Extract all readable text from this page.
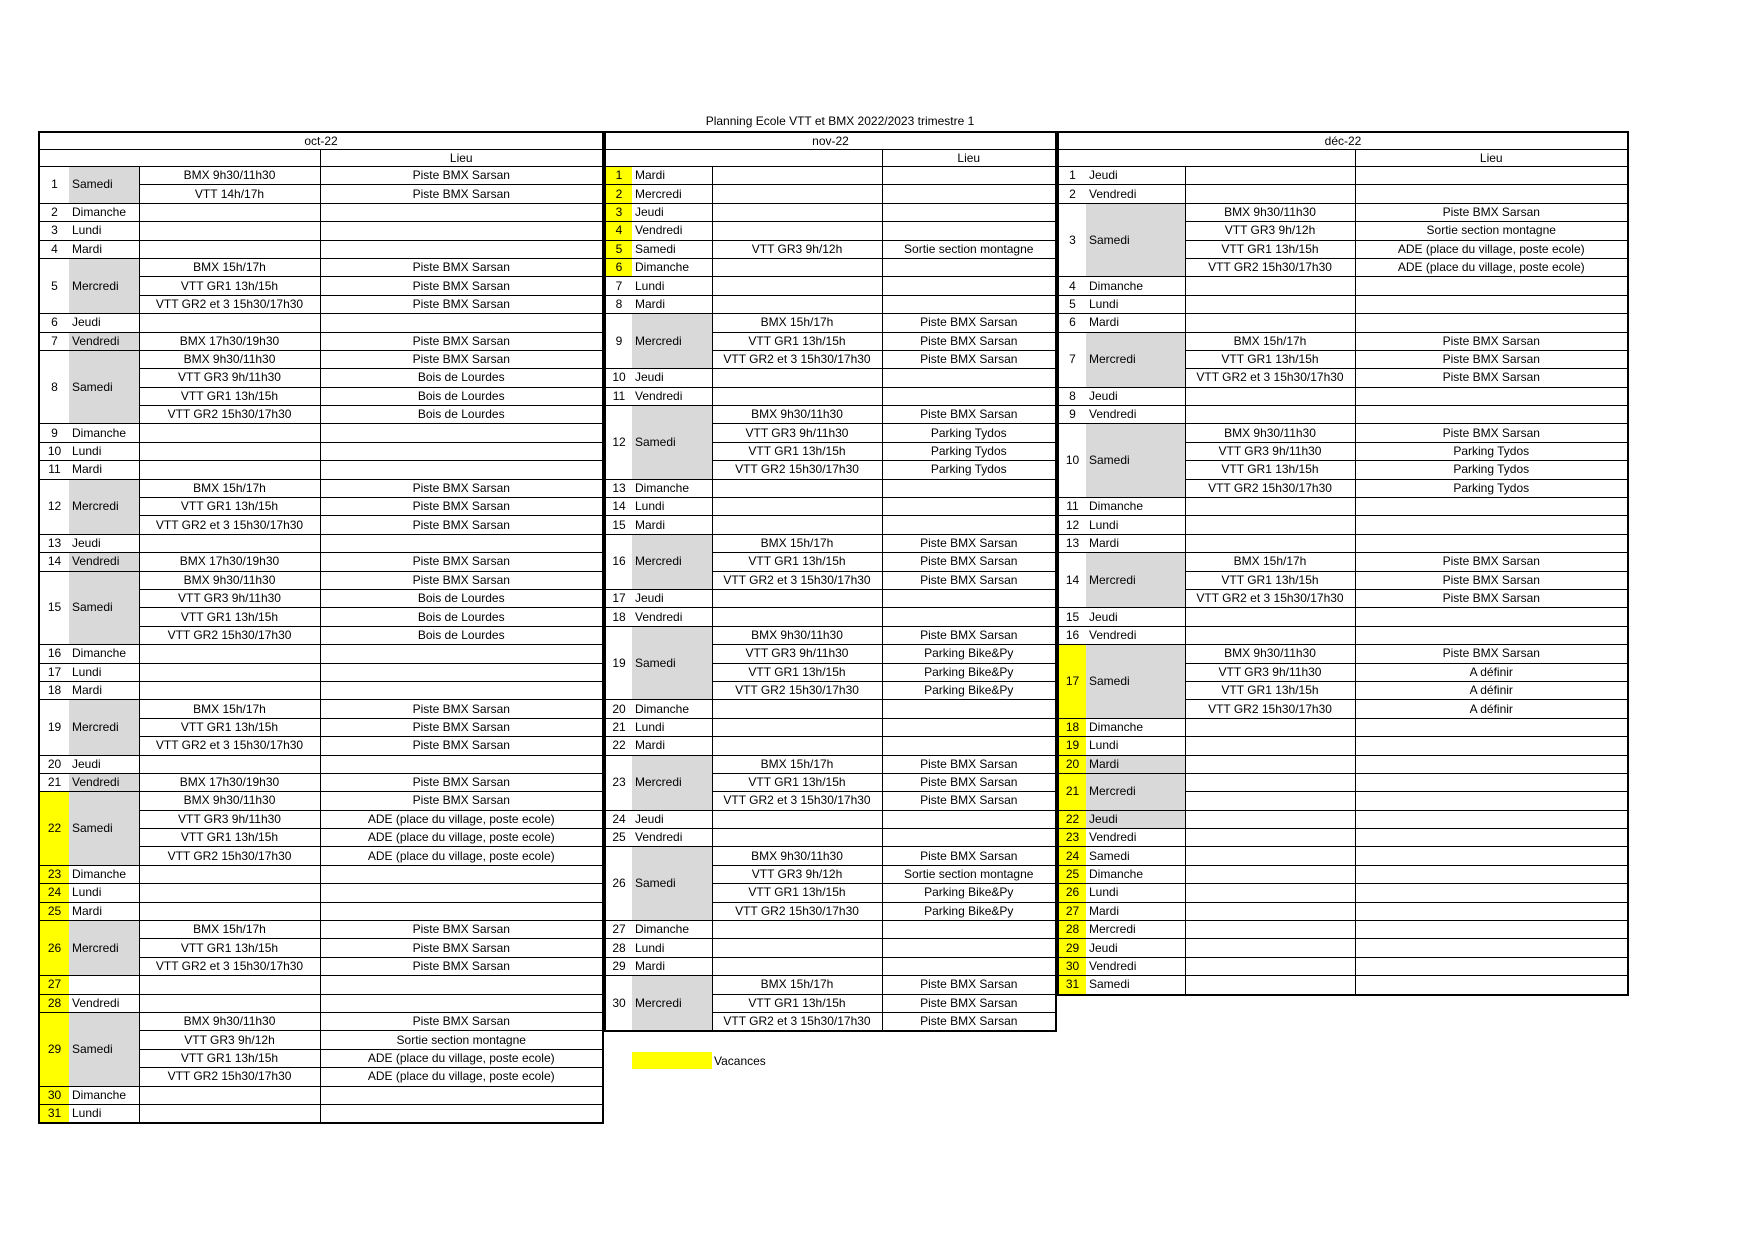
Planning Ecole VTT et BMX 2022/2023 trimestre 1
oct-22			
			Lieu
1	Samedi	BMX 9h30/11h30	Piste BMX Sarsan
		VTT 14h/17h	Piste BMX Sarsan
2	Dimanche		
3	Lundi		
4	Mardi		
5	Mercredi	BMX 15h/17h	Piste BMX Sarsan
		VTT GR1 13h/15h	Piste BMX Sarsan
		VTT GR2 et 3 15h30/17h30	Piste BMX Sarsan
6	Jeudi		
7	Vendredi	BMX 17h30/19h30	Piste BMX Sarsan
8	Samedi	BMX 9h30/11h30	Piste BMX Sarsan
		VTT GR3 9h/11h30	Bois de Lourdes
		VTT GR1 13h/15h	Bois de Lourdes
		VTT GR2 15h30/17h30	Bois de Lourdes
9	Dimanche		
10	Lundi		
11	Mardi		
12	Mercredi	BMX 15h/17h	Piste BMX Sarsan
		VTT GR1 13h/15h	Piste BMX Sarsan
		VTT GR2 et 3 15h30/17h30	Piste BMX Sarsan
13	Jeudi		
14	Vendredi	BMX 17h30/19h30	Piste BMX Sarsan
15	Samedi	BMX 9h30/11h30	Piste BMX Sarsan
		VTT GR3 9h/11h30	Bois de Lourdes
		VTT GR1 13h/15h	Bois de Lourdes
		VTT GR2 15h30/17h30	Bois de Lourdes
16	Dimanche		
17	Lundi		
18	Mardi		
19	Mercredi	BMX 15h/17h	Piste BMX Sarsan
		VTT GR1 13h/15h	Piste BMX Sarsan
		VTT GR2 et 3 15h30/17h30	Piste BMX Sarsan
20	Jeudi		
21	Vendredi	BMX 17h30/19h30	Piste BMX Sarsan
22	Samedi	BMX 9h30/11h30	Piste BMX Sarsan
		VTT GR3 9h/11h30	ADE (place du village, poste ecole)
		VTT GR1 13h/15h	ADE (place du village, poste ecole)
		VTT GR2 15h30/17h30	ADE (place du village, poste ecole)
23	Dimanche		
24	Lundi		
25	Mardi		
26	Mercredi	BMX 15h/17h	Piste BMX Sarsan
		VTT GR1 13h/15h	Piste BMX Sarsan
		VTT GR2 et 3 15h30/17h30	Piste BMX Sarsan
27			
28	Vendredi		
29	Samedi	BMX 9h30/11h30	Piste BMX Sarsan
		VTT GR3 9h/12h	Sortie section montagne
		VTT GR1 13h/15h	ADE (place du village, poste ecole)
		VTT GR2 15h30/17h30	ADE (place du village, poste ecole)
30	Dimanche		
31	Lundi		
nov-22			
			Lieu
1	Mardi		
2	Mercredi		
3	Jeudi		
4	Vendredi		
5	Samedi	VTT GR3 9h/12h	Sortie section montagne
6	Dimanche		
7	Lundi		
8	Mardi		
9	Mercredi	BMX 15h/17h	Piste BMX Sarsan
		VTT GR1 13h/15h	Piste BMX Sarsan
		VTT GR2 et 3 15h30/17h30	Piste BMX Sarsan
10	Jeudi		
11	Vendredi		
12	Samedi	BMX 9h30/11h30	Piste BMX Sarsan
		VTT GR3 9h/11h30	Parking Tydos
		VTT GR1 13h/15h	Parking Tydos
		VTT GR2 15h30/17h30	Parking Tydos
13	Dimanche		
14	Lundi		
15	Mardi		
16	Mercredi	BMX 15h/17h	Piste BMX Sarsan
		VTT GR1 13h/15h	Piste BMX Sarsan
		VTT GR2 et 3 15h30/17h30	Piste BMX Sarsan
17	Jeudi		
18	Vendredi		
19	Samedi	BMX 9h30/11h30	Piste BMX Sarsan
		VTT GR3 9h/11h30	Parking Bike&Py
		VTT GR1 13h/15h	Parking Bike&Py
		VTT GR2 15h30/17h30	Parking Bike&Py
20	Dimanche		
21	Lundi		
22	Mardi		
23	Mercredi	BMX 15h/17h	Piste BMX Sarsan
		VTT GR1 13h/15h	Piste BMX Sarsan
		VTT GR2 et 3 15h30/17h30	Piste BMX Sarsan
24	Jeudi		
25	Vendredi		
26	Samedi	BMX 9h30/11h30	Piste BMX Sarsan
		VTT GR3 9h/12h	Sortie section montagne
		VTT GR1 13h/15h	Parking Bike&Py
		VTT GR2 15h30/17h30	Parking Bike&Py
27	Dimanche		
28	Lundi		
29	Mardi		
30	Mercredi	BMX 15h/17h	Piste BMX Sarsan
		VTT GR1 13h/15h	Piste BMX Sarsan
		VTT GR2 et 3 15h30/17h30	Piste BMX Sarsan
déc-22			
			Lieu
1	Jeudi		
2	Vendredi		
3	Samedi	BMX 9h30/11h30	Piste BMX Sarsan
		VTT GR3 9h/12h	Sortie section montagne
		VTT GR1 13h/15h	ADE (place du village, poste ecole)
		VTT GR2 15h30/17h30	ADE (place du village, poste ecole)
4	Dimanche		
5	Lundi		
6	Mardi		
7	Mercredi	BMX 15h/17h	Piste BMX Sarsan
		VTT GR1 13h/15h	Piste BMX Sarsan
		VTT GR2 et 3 15h30/17h30	Piste BMX Sarsan
8	Jeudi		
9	Vendredi		
10	Samedi	BMX 9h30/11h30	Piste BMX Sarsan
		VTT GR3 9h/11h30	Parking Tydos
		VTT GR1 13h/15h	Parking Tydos
		VTT GR2 15h30/17h30	Parking Tydos
11	Dimanche		
12	Lundi		
13	Mardi		
14	Mercredi	BMX 15h/17h	Piste BMX Sarsan
		VTT GR1 13h/15h	Piste BMX Sarsan
		VTT GR2 et 3 15h30/17h30	Piste BMX Sarsan
15	Jeudi		
16	Vendredi		
17	Samedi	BMX 9h30/11h30	Piste BMX Sarsan
		VTT GR3 9h/11h30	A définir
		VTT GR1 13h/15h	A définir
		VTT GR2 15h30/17h30	A définir
18	Dimanche		
19	Lundi		
20	Mardi		
21	Mercredi		

22	Jeudi		
23	Vendredi		
24	Samedi		
25	Dimanche		
26	Lundi		
27	Mardi		
28	Mercredi		
29	Jeudi		
30	Vendredi		
31	Samedi		
Vacances
